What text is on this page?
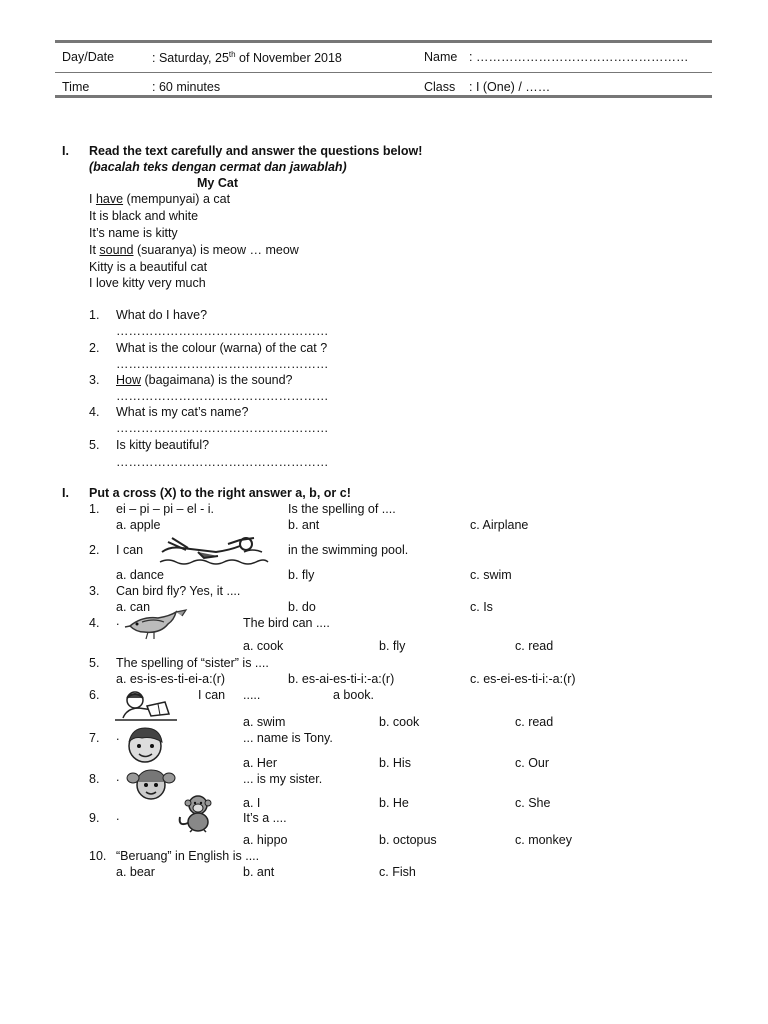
Day/Date	: Saturday, 25th of November 2018	Name : ……………………………………………
Time	: 60 minutes	Class : I (One) / ……
I. Read the text carefully and answer the questions below!
(bacalah teks dengan cermat dan jawablah)
My Cat
I have (mempunyai) a cat
It is black and white
It’s name is kitty
It sound (suaranya) is meow … meow
Kitty is a beautiful cat
I love kitty very much
1. What do I have?
……………………………………………
2. What is the colour (warna) of the cat ?
……………………………………………
3. How (bagaimana) is the sound?
……………………………………………
4. What is my cat’s name?
……………………………………………
5. Is kitty beautiful?
……………………………………………
I. Put a cross (X) to the right answer a, b, or c!
1. ei – pi – pi – el - i.	Is the spelling of ....
a. apple	b. ant	c. Airplane
2. I can	in the swimming pool.
a. dance	b. fly	c. swim
3. Can bird fly? Yes, it ....
a. can	b. do	c. Is
4. .	The bird can ....
a. cook	b. fly	c. read
5. The spelling of “sister” is ....
a. es-is-es-ti-ei-a:(r)	b. es-ai-es-ti-i:-a:(r)	c. es-ei-es-ti-i:-a:(r)
6.	I can .....	a book.
a. swim	b. cook	c. read
7. .	... name is Tony.
a. Her	b. His	c. Our
8. .	... is my sister.
a. I	b. He	c. She
9. .	It’s a ....
a. hippo	b. octopus	c. monkey
10. “Beruang” in English is ....
a. bear	b. ant	c. Fish
